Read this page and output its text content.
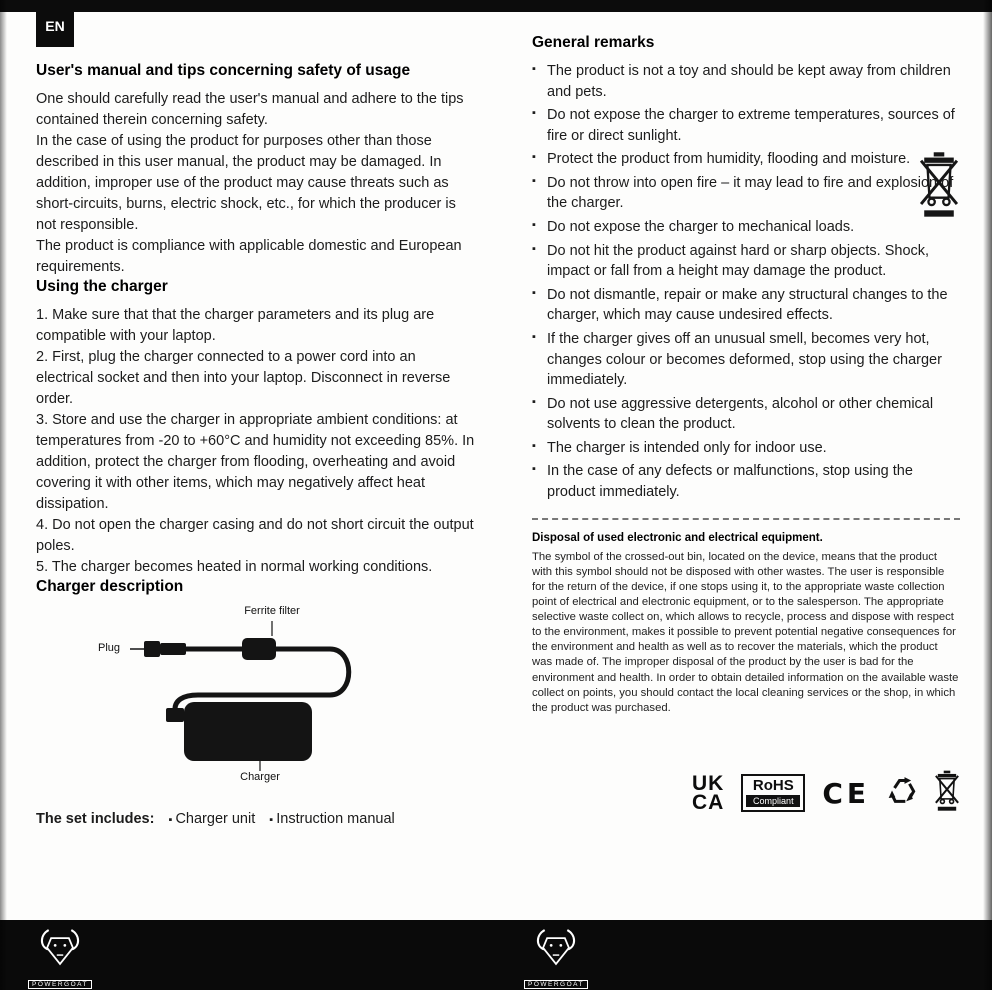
EN
User's manual and tips concerning safety of usage

One should carefully read the user's manual and adhere to the tips contained therein concerning safety.

In the case of using the product for purposes other than those described in this user manual, the product may be damaged. In addition, improper use of the product may cause threats such as short-circuits, burns, electric shock, etc., for which the producer is not responsible.

The product is compliance with applicable domestic and European requirements.

Using the charger

1. Make sure that that the charger parameters and its plug are compatible with your laptop.

2. First, plug the charger connected to a power cord into an electrical socket and then into your laptop. Disconnect in reverse order.

3. Store and use the charger in appropriate ambient conditions: at temperatures from -20 to +60°C and humidity not exceeding 85%. In addition, protect the charger from flooding, overheating and avoid covering it with other items, which may negatively affect heat dissipation.

4. Do not open the charger casing and do not short circuit the output poles.

5. The charger becomes heated in normal working conditions.

Charger description
Ferrite filter
Plug
Charger

The set includes: ▪ Charger unit ▪ Instruction manual

General remarks
▪ The product is not a toy and should be kept away from children and pets.
▪ Do not expose the charger to extreme temperatures, sources of fire or direct sunlight.
▪ Protect the product from humidity, flooding and moisture.
▪ Do not throw into open fire – it may lead to fire and explosion of the charger.
▪ Do not expose the charger to mechanical loads.
▪ Do not hit the product against hard or sharp objects. Shock, impact or fall from a height may damage the product.
▪ Do not dismantle, repair or make any structural changes to the charger, which may cause undesired effects.
▪ If the charger gives off an unusual smell, becomes very hot, changes colour or becomes deformed, stop using the charger immediately.
▪ Do not use aggressive detergents, alcohol or other chemical solvents to clean the product.
▪ The charger is intended only for indoor use.
▪ In the case of any defects or malfunctions, stop using the product immediately.
Disposal of used electronic and electrical equipment.

The symbol of the crossed-out bin, located on the device, means that the product with this symbol should not be disposed with other wastes. The user is responsible for the return of the device, if one stops using it, to the appropriate waste collection point of electrical and electronic equipment, or to the salesperson. The appropriate selective waste collect on, which allows to recycle, process and dispose with respect to the environment, makes it possible to prevent potential negative consequences for the environment and health as well as to recover the materials, which the product was made of. The improper disposal of the product by the user is bad for the environment and health. In order to obtain detailed information on the available waste collect on points, you should contact the local cleaning services or the shop, in which the product was purchased.

UK
CA
RoHS
Compliant CE
POWERGOAT	POWERGOAT
